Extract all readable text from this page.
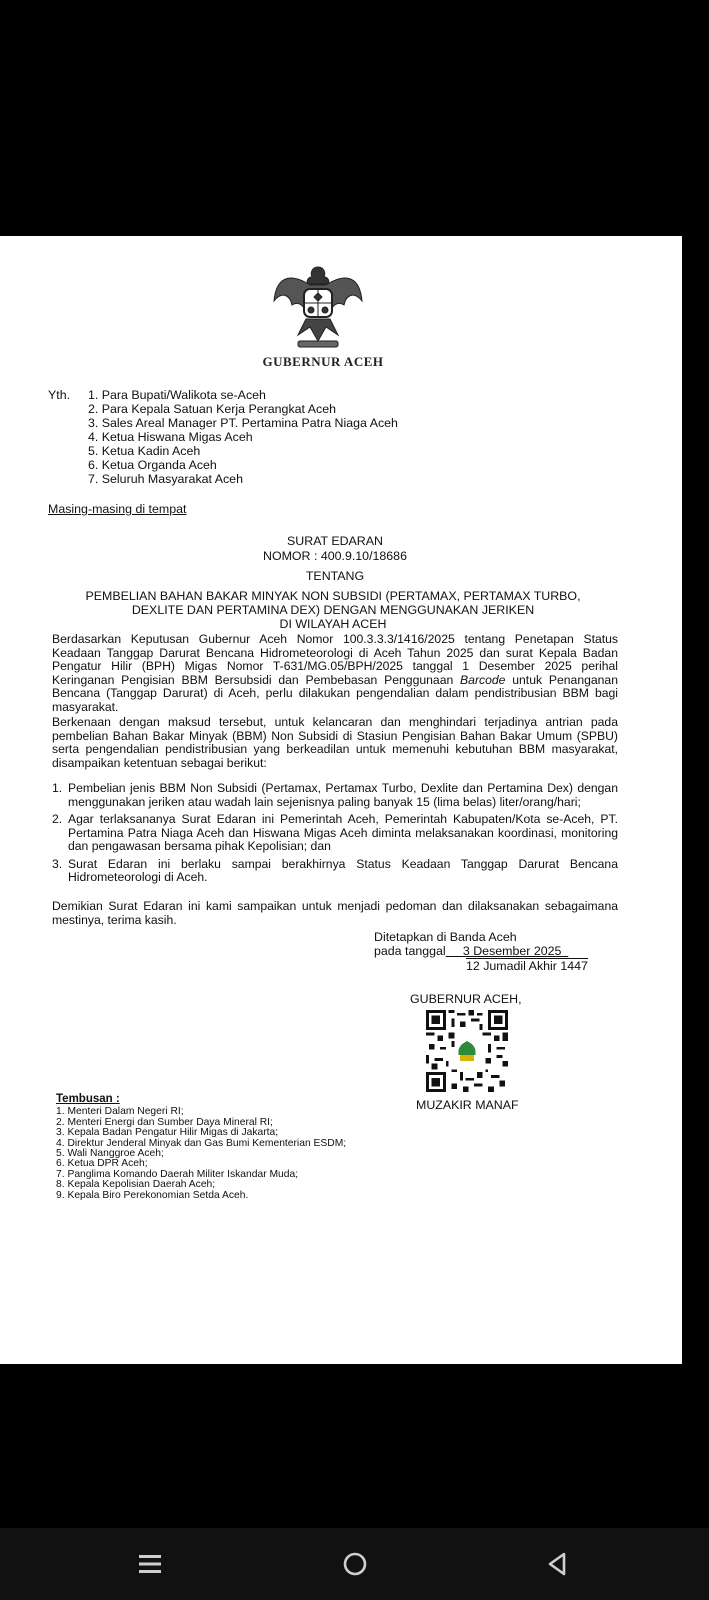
GUBERNUR ACEH
Yth. 1. Para Bupati/Walikota se-Aceh
2. Para Kepala Satuan Kerja Perangkat Aceh
3. Sales Areal Manager PT. Pertamina Patra Niaga Aceh
4. Ketua Hiswana Migas Aceh
5. Ketua Kadin Aceh
6. Ketua Organda Aceh
7. Seluruh Masyarakat Aceh
Masing-masing di tempat
SURAT EDARAN
NOMOR : 400.9.10/18686
TENTANG
PEMBELIAN BAHAN BAKAR MINYAK NON SUBSIDI (PERTAMAX, PERTAMAX TURBO,
DEXLITE DAN PERTAMINA DEX) DENGAN MENGGUNAKAN JERIKEN
DI WILAYAH ACEH
Berdasarkan Keputusan Gubernur Aceh Nomor 100.3.3.3/1416/2025 tentang Penetapan Status Keadaan Tanggap Darurat Bencana Hidrometeorologi di Aceh Tahun 2025 dan surat Kepala Badan Pengatur Hilir (BPH) Migas Nomor T-631/MG.05/BPH/2025 tanggal 1 Desember 2025 perihal Keringanan Pengisian BBM Bersubsidi dan Pembebasan Penggunaan Barcode untuk Penanganan Bencana (Tanggap Darurat) di Aceh, perlu dilakukan pengendalian dalam pendistribusian BBM bagi masyarakat.
Berkenaan dengan maksud tersebut, untuk kelancaran dan menghindari terjadinya antrian pada pembelian Bahan Bakar Minyak (BBM) Non Subsidi di Stasiun Pengisian Bahan Bakar Umum (SPBU) serta pengendalian pendistribusian yang berkeadilan untuk memenuhi kebutuhan BBM masyarakat, disampaikan ketentuan sebagai berikut:
1. Pembelian jenis BBM Non Subsidi (Pertamax, Pertamax Turbo, Dexlite dan Pertamina Dex) dengan menggunakan jeriken atau wadah lain sejenisnya paling banyak 15 (lima belas) liter/orang/hari;
2. Agar terlaksananya Surat Edaran ini Pemerintah Aceh, Pemerintah Kabupaten/Kota se-Aceh, PT. Pertamina Patra Niaga Aceh dan Hiswana Migas Aceh diminta melaksanakan koordinasi, monitoring dan pengawasan bersama pihak Kepolisian; dan
3. Surat Edaran ini berlaku sampai berakhirnya Status Keadaan Tanggap Darurat Bencana Hidrometeorologi di Aceh.
Demikian Surat Edaran ini kami sampaikan untuk menjadi pedoman dan dilaksanakan sebagaimana mestinya, terima kasih.
Ditetapkan di Banda Aceh
pada tanggal 3 Desember 2025
12 Jumadil Akhir 1447
GUBERNUR ACEH,
MUZAKIR MANAF
Tembusan :
1. Menteri Dalam Negeri RI;
2. Menteri Energi dan Sumber Daya Mineral RI;
3. Kepala Badan Pengatur Hilir Migas di Jakarta;
4. Direktur Jenderal Minyak dan Gas Bumi Kementerian ESDM;
5. Wali Nanggroe Aceh;
6. Ketua DPR Aceh;
7. Panglima Komando Daerah Militer Iskandar Muda;
8. Kepala Kepolisian Daerah Aceh;
9. Kepala Biro Perekonomian Setda Aceh.
